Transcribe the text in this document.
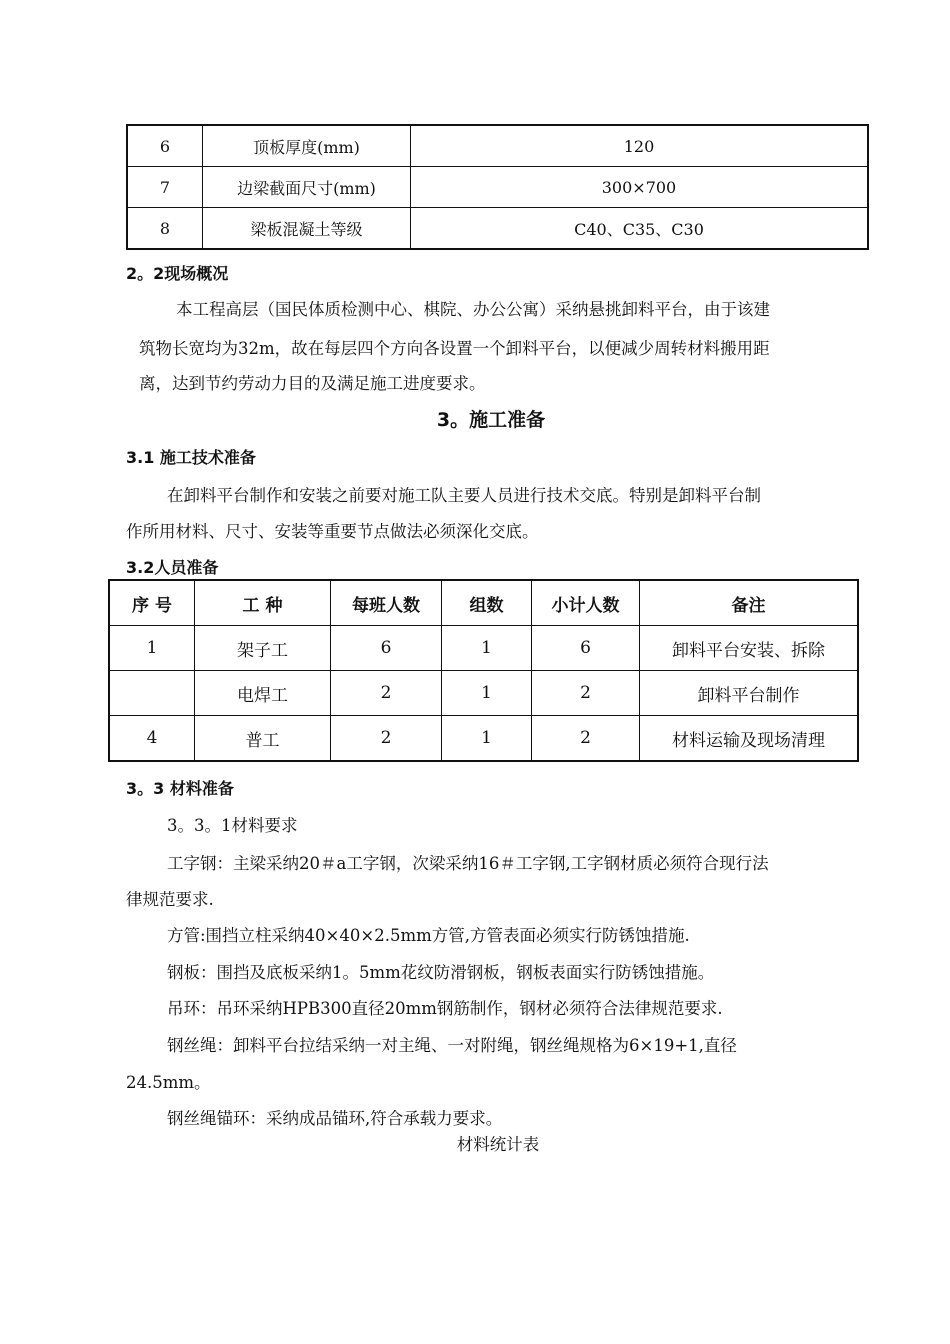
6	顶板厚度(mm)	120
7	边梁截面尺寸(mm)	300×700
8	梁板混凝土等级	C40、C35、C30
2。2现场概况
本工程高层（国民体质检测中心、棋院、办公公寓）采纳悬挑卸料平台，由于该建
筑物长宽均为32m，故在每层四个方向各设置一个卸料平台，以便减少周转材料搬用距
离，达到节约劳动力目的及满足施工进度要求。
3。施工准备
3.1 施工技术准备
在卸料平台制作和安装之前要对施工队主要人员进行技术交底。特别是卸料平台制
作所用材料、尺寸、安装等重要节点做法必须深化交底。
3.2人员准备
序 号	工 种	每班人数	组数	小计人数	备注
1	架子工	6	1	6	卸料平台安装、拆除
	电焊工	2	1	2	卸料平台制作
4	普工	2	1	2	材料运输及现场清理
3。3 材料准备
3。3。1材料要求
工字钢：主梁采纳20＃a工字钢，次梁采纳16＃工字钢,工字钢材质必须符合现行法
律规范要求.
方管:围挡立柱采纳40×40×2.5mm方管,方管表面必须实行防锈蚀措施.
钢板：围挡及底板采纳1。5mm花纹防滑钢板，钢板表面实行防锈蚀措施。
吊环：吊环采纳HPB300直径20mm钢筋制作，钢材必须符合法律规范要求.
钢丝绳：卸料平台拉结采纳一对主绳、一对附绳，钢丝绳规格为6×19+1,直径
24.5mm。
钢丝绳锚环：采纳成品锚环,符合承载力要求。
材料统计表
